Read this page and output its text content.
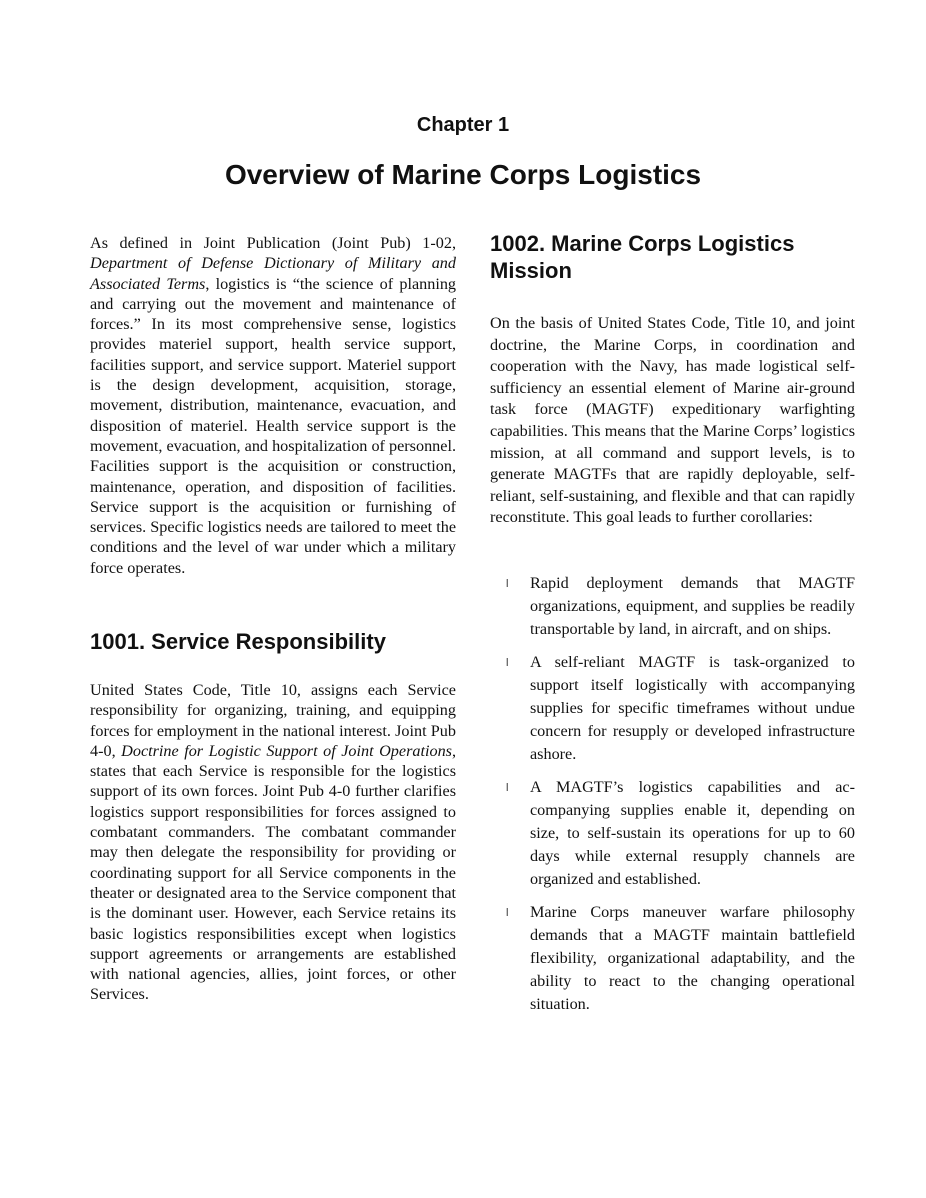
Chapter 1
Overview of Marine Corps Logistics

As defined in Joint Publication (Joint Pub) 1-02, Department of Defense Dictionary of Military and Associated Terms, logistics is “the science of planning and carrying out the movement and maintenance of forces.” In its most comprehensive sense, logistics provides materiel support, health service support, facilities support, and service support. Materiel support is the design development, acquisition, storage, movement, distribution, maintenance, evacuation, and disposition of materiel. Health service support is the movement, evacuation, and hospitalization of personnel. Facilities support is the acquisition or construction, maintenance, operation, and disposition of facilities. Service support is the acquisition or furnishing of services. Specific logistics needs are tailored to meet the conditions and the level of war under which a military force operates.

1001. Service Responsibility

United States Code, Title 10, assigns each Service responsibility for organizing, training, and equipping forces for employment in the national interest. Joint Pub 4-0, Doctrine for Logistic Support of Joint Operations, states that each Service is responsible for the logistics support of its own forces. Joint Pub 4-0 further clarifies logistics support responsibilities for forces assigned to combatant commanders. The combatant commander may then delegate the responsibility for providing or coordinating support for all Service components in the theater or designated area to the Service component that is the dominant user. However, each Service retains its basic logistics responsibilities except when logistics support agreements or arrangements are established with national agencies, allies, joint forces, or other Services.

1002. Marine Corps Logistics Mission

On the basis of United States Code, Title 10, and joint doctrine, the Marine Corps, in coordination and cooperation with the Navy, has made logistical self-sufficiency an essential element of Marine air-ground task force (MAGTF) expeditionary warfighting capabilities. This means that the Marine Corps’ logistics mission, at all command and support levels, is to generate MAGTFs that are rapidly deployable, self-reliant, self-sustaining, and flexible and that can rapidly reconstitute. This goal leads to further corollaries:

l Rapid deployment demands that MAGTF organizations, equipment, and supplies be readily transportable by land, in aircraft, and on ships.
l A self-reliant MAGTF is task-organized to support itself logistically with accompanying supplies for specific timeframes without undue concern for resupply or developed infrastructure ashore.
l A MAGTF’s logistics capabilities and accompanying supplies enable it, depending on size, to self-sustain its operations for up to 60 days while external resupply channels are organized and established.
l Marine Corps maneuver warfare philosophy demands that a MAGTF maintain battlefield flexibility, organizational adaptability, and the ability to react to the changing operational situation.
